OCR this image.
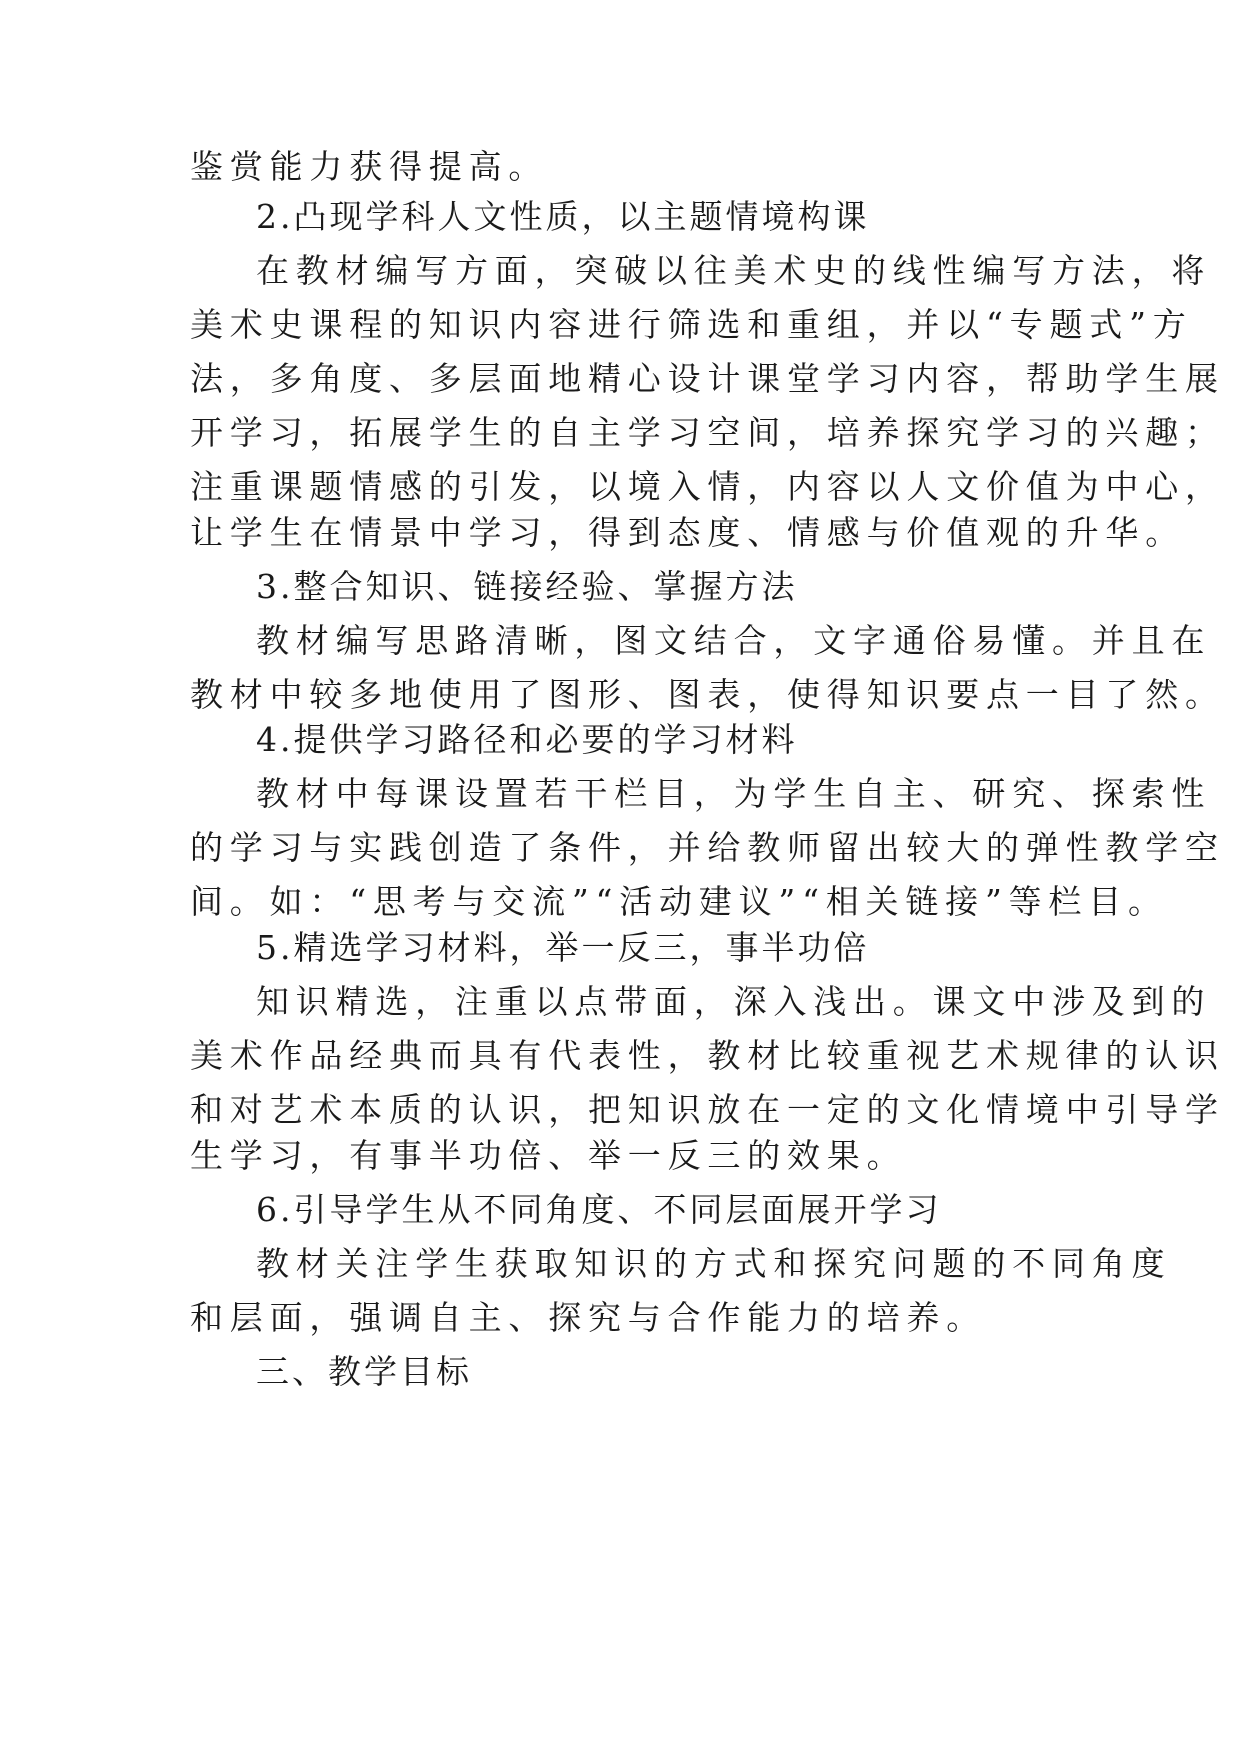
鉴赏能力获得提高。
2.凸现学科人文性质，以主题情境构课
在教材编写方面，突破以往美术史的线性编写方法，将
美术史课程的知识内容进行筛选和重组，并以“专题式”方
法，多角度、多层面地精心设计课堂学习内容，帮助学生展
开学习，拓展学生的自主学习空间，培养探究学习的兴趣；
注重课题情感的引发，以境入情，内容以人文价值为中心，
让学生在情景中学习，得到态度、情感与价值观的升华。
3.整合知识、链接经验、掌握方法
教材编写思路清晰，图文结合，文字通俗易懂。并且在
教材中较多地使用了图形、图表，使得知识要点一目了然。
4.提供学习路径和必要的学习材料
教材中每课设置若干栏目，为学生自主、研究、探索性
的学习与实践创造了条件，并给教师留出较大的弹性教学空
间。如：“思考与交流”“活动建议”“相关链接”等栏目。
5.精选学习材料，举一反三，事半功倍
知识精选，注重以点带面，深入浅出。课文中涉及到的
美术作品经典而具有代表性，教材比较重视艺术规律的认识
和对艺术本质的认识，把知识放在一定的文化情境中引导学
生学习，有事半功倍、举一反三的效果。
6.引导学生从不同角度、不同层面展开学习
教材关注学生获取知识的方式和探究问题的不同角度
和层面，强调自主、探究与合作能力的培养。
三、教学目标
